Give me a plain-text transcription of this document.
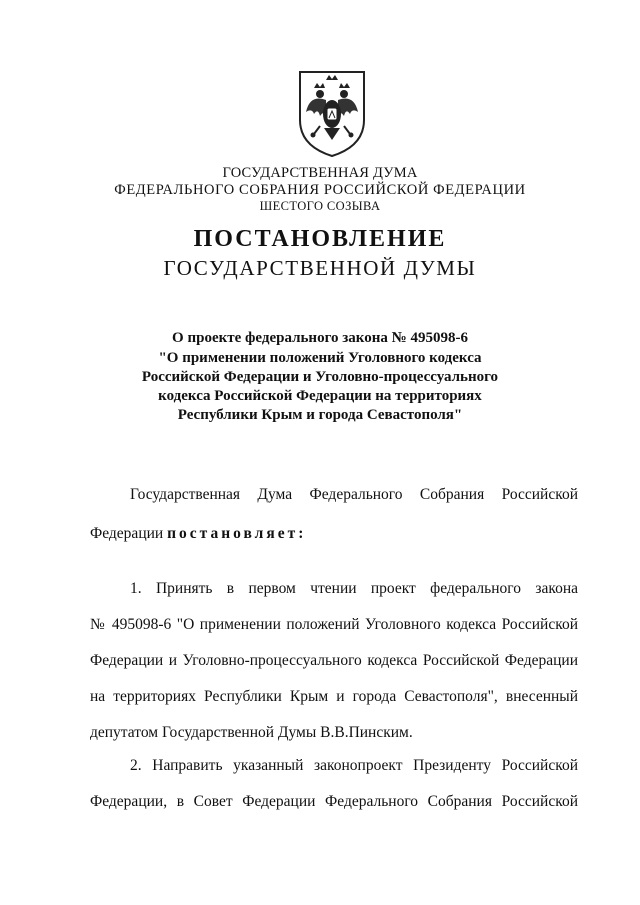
ГОСУДАРСТВЕННАЯ ДУМА
ФЕДЕРАЛЬНОГО СОБРАНИЯ РОССИЙСКОЙ ФЕДЕРАЦИИ
ШЕСТОГО СОЗЫВА
ПОСТАНОВЛЕНИЕ
ГОСУДАРСТВЕННОЙ ДУМЫ
О проекте федерального закона № 495098-6
"О применении положений Уголовного кодекса
Российской Федерации и Уголовно-процессуального
кодекса Российской Федерации на территориях
Республики Крым и города Севастополя"
Государственная Дума Федерального Собрания Российской
Федерации постановляет:
1. Принять в первом чтении проект федерального закона
№ 495098-6 "О применении положений Уголовного кодекса Российской
Федерации и Уголовно-процессуального кодекса Российской Федерации
на территориях Республики Крым и города Севастополя", внесенный
депутатом Государственной Думы В.В.Пинским.
2. Направить указанный законопроект Президенту Российской
Федерации, в Совет Федерации Федерального Собрания Российской
